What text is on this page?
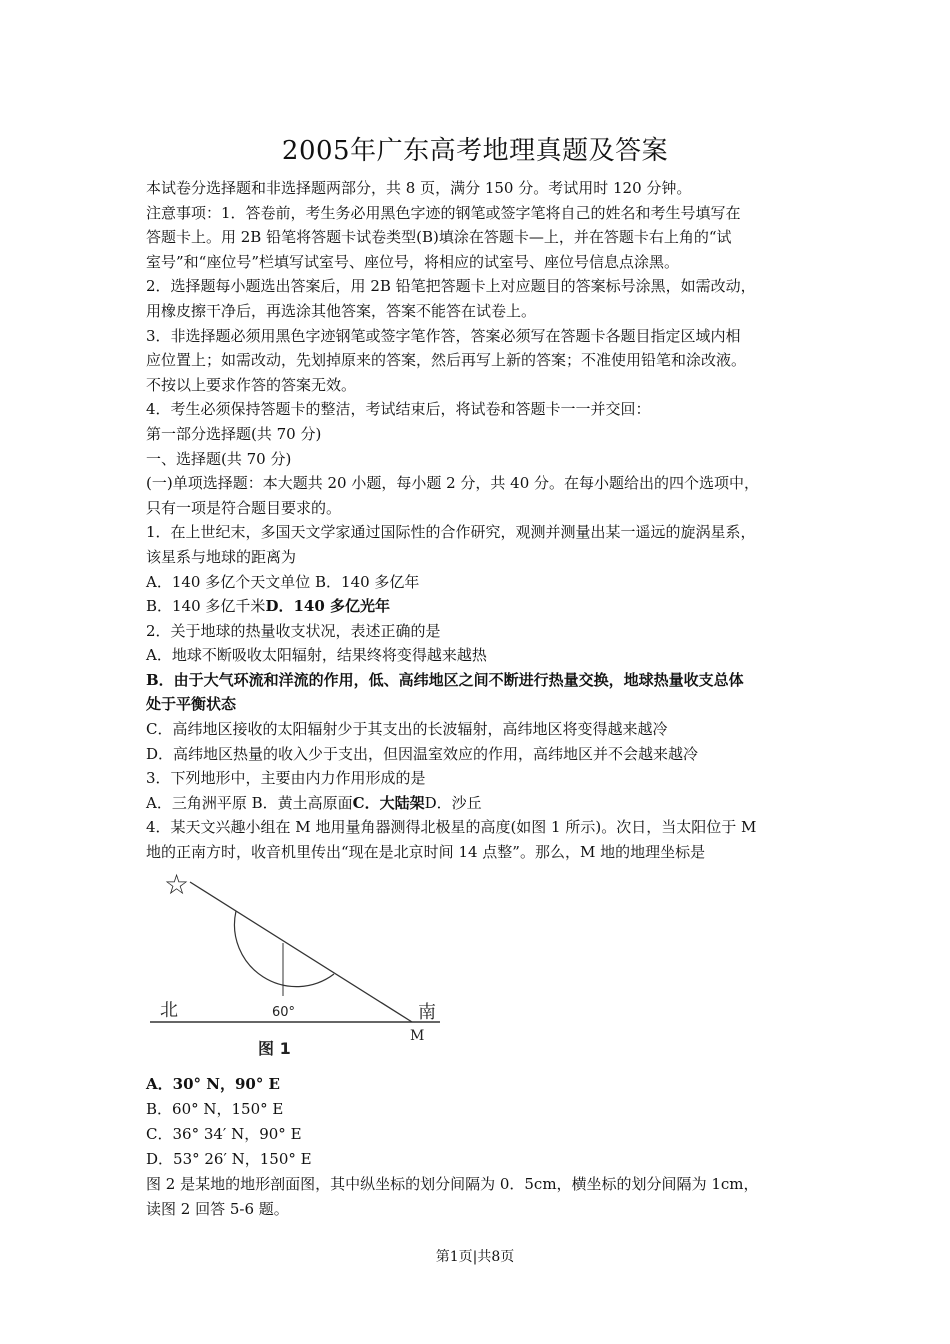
2005年广东高考地理真题及答案

本试卷分选择题和非选择题两部分，共 8 页，满分 150 分。考试用时 120 分钟。

注意事项：1．答卷前，考生务必用黑色字迹的钢笔或签字笔将自己的姓名和考生号填写在

答题卡上。用 2B 铅笔将答题卡试卷类型(B)填涂在答题卡—上，并在答题卡右上角的“试

室号”和“座位号”栏填写试室号、座位号，将相应的试室号、座位号信息点涂黑。

2．选择题每小题选出答案后，用 2B 铅笔把答题卡上对应题目的答案标号涂黑，如需改动，

用橡皮擦干净后，再选涂其他答案，答案不能答在试卷上。

3．非选择题必须用黑色字迹钢笔或签字笔作答，答案必须写在答题卡各题目指定区域内相

应位置上；如需改动，先划掉原来的答案，然后再写上新的答案；不准使用铅笔和涂改液。

不按以上要求作答的答案无效。

4．考生必须保持答题卡的整洁，考试结束后，将试卷和答题卡一一并交回：

第一部分选择题(共 70 分)

一、选择题(共 70 分)

(一)单项选择题：本大题共 20 小题，每小题 2 分，共 40 分。在每小题给出的四个选项中，

只有一项是符合题目要求的。

1．在上世纪末，多国天文学家通过国际性的合作研究，观测并测量出某一遥远的旋涡星系，

该星系与地球的距离为

A．140 多亿个天文单位 B．140 多亿年

B．140 多亿千米D．140 多亿光年

2．关于地球的热量收支状况，表述正确的是

A．地球不断吸收太阳辐射，结果终将变得越来越热

B．由于大气环流和洋流的作用，低、高纬地区之间不断进行热量交换，地球热量收支总体

处于平衡状态

C．高纬地区接收的太阳辐射少于其支出的长波辐射，高纬地区将变得越来越冷

D．高纬地区热量的收入少于支出，但因温室效应的作用，高纬地区并不会越来越冷

3．下列地形中，主要由内力作用形成的是

A．三角洲平原 B．黄土高原面C．大陆架D．沙丘

4．某天文兴趣小组在 M 地用量角器测得北极星的高度(如图 1 所示)。次日，当太阳位于 M

地的正南方时，收音机里传出“现在是北京时间 14 点整”。那么，M 地的地理坐标是

☆
北	南
60°
M
图 1

A．30° N，90° E

B．60° N，150° E

C．36° 34′ N，90° E

D．53° 26′ N，150° E

图 2 是某地的地形剖面图，其中纵坐标的划分间隔为 0．5cm，横坐标的划分间隔为 1cm，

读图 2 回答 5-6 题。

第1页|共8页
